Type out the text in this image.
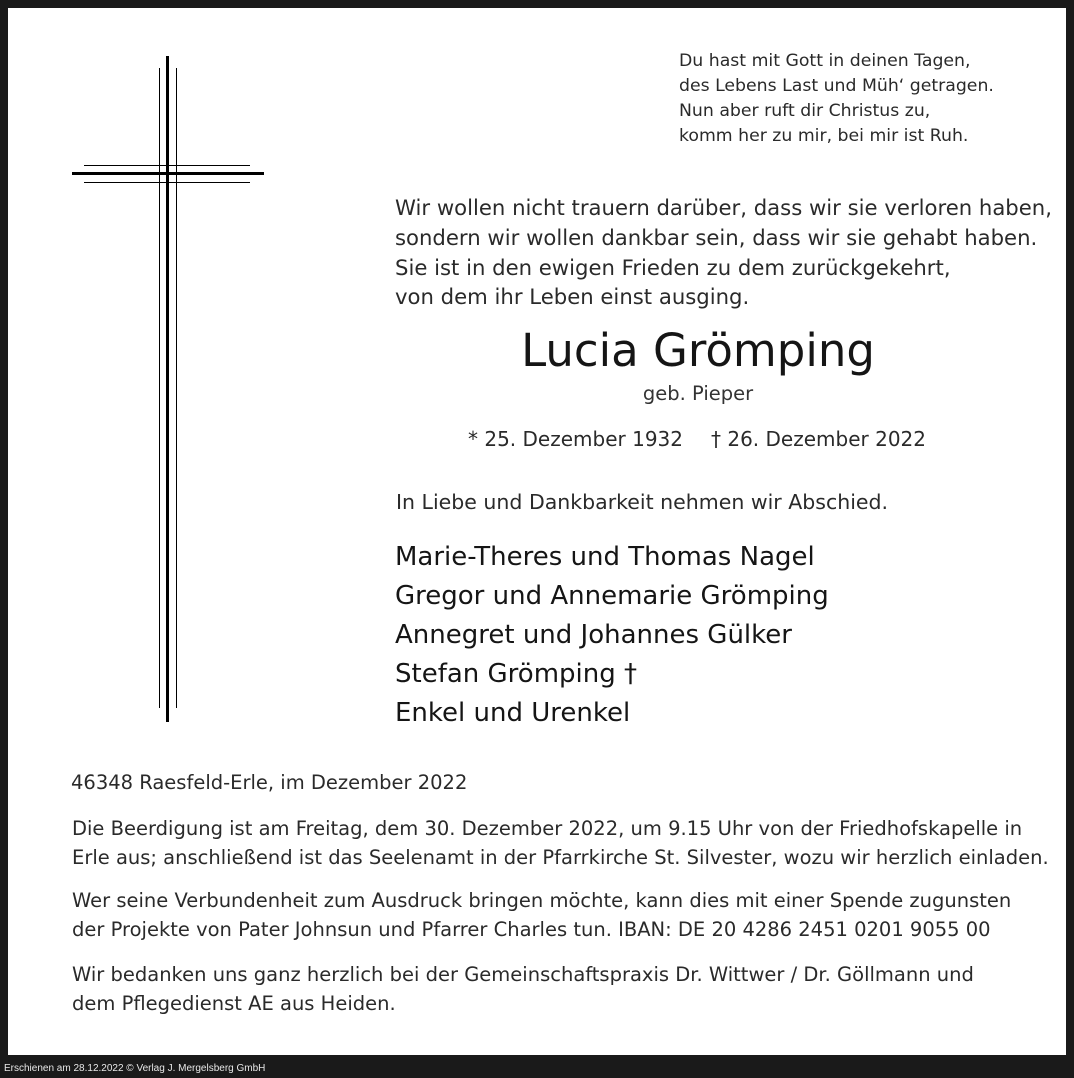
Du hast mit Gott in deinen Tagen,
des Lebens Last und Müh‘ getragen.
Nun aber ruft dir Christus zu,
komm her zu mir, bei mir ist Ruh.
Wir wollen nicht trauern darüber, dass wir sie verloren haben,
sondern wir wollen dankbar sein, dass wir sie gehabt haben.
Sie ist in den ewigen Frieden zu dem zurückgekehrt,
von dem ihr Leben einst ausging.
Lucia Grömping
geb. Pieper
* 25. Dezember 1932 † 26. Dezember 2022
In Liebe und Dankbarkeit nehmen wir Abschied.
Marie-Theres und Thomas Nagel
Gregor und Annemarie Grömping
Annegret und Johannes Gülker
Stefan Grömping †
Enkel und Urenkel
46348 Raesfeld-Erle, im Dezember 2022
Die Beerdigung ist am Freitag, dem 30. Dezember 2022, um 9.15 Uhr von der Friedhofskapelle in
Erle aus; anschließend ist das Seelenamt in der Pfarrkirche St. Silvester, wozu wir herzlich einladen.
Wer seine Verbundenheit zum Ausdruck bringen möchte, kann dies mit einer Spende zugunsten
der Projekte von Pater Johnsun und Pfarrer Charles tun. IBAN: DE 20 4286 2451 0201 9055 00
Wir bedanken uns ganz herzlich bei der Gemeinschaftspraxis Dr. Wittwer / Dr. Göllmann und
dem Pflegedienst AE aus Heiden.
Erschienen am 28.12.2022 © Verlag J. Mergelsberg GmbH
